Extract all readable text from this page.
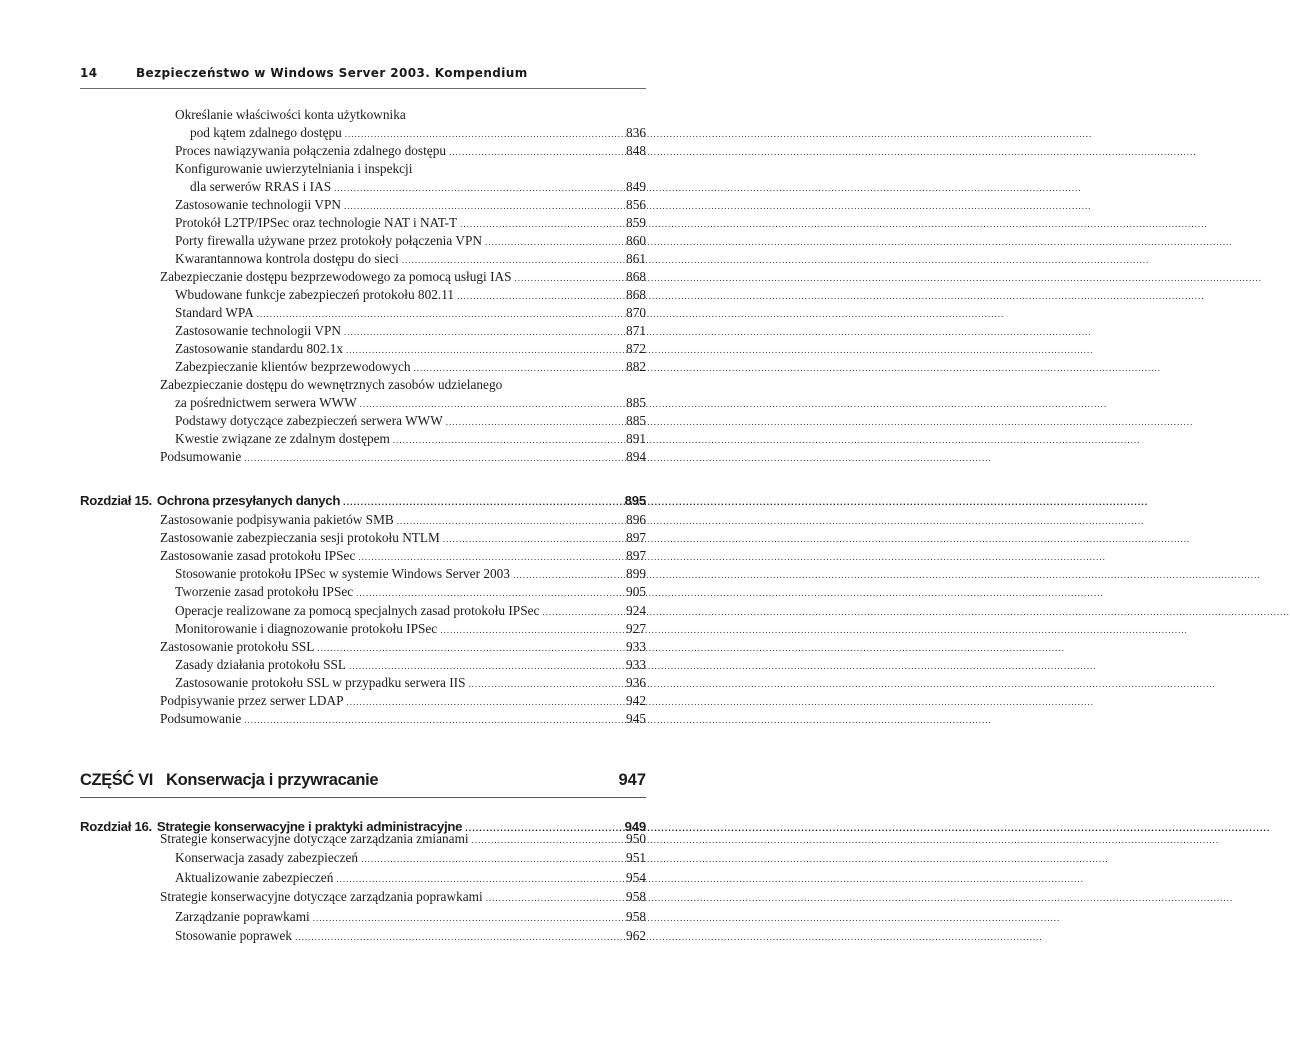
14	Bezpieczeństwo w Windows Server 2003. Kompendium
Rozdział 15. Ochrona przesyłanych danych .....	895
CZĘŚĆ VI Konserwacja i przywracanie	947
Rozdział 16. Strategie konserwacyjne i praktyki administracyjne .....	949
Określanie właściwości konta użytkownika
pod kątem zdalnego dostępu .....	836
Proces nawiązywania połączenia zdalnego dostępu .....	848
Konfigurowanie uwierzytelniania i inspekcji
dla serwerów RRAS i IAS .....	849
Zastosowanie technologii VPN .....	856
Protokół L2TP/IPSec oraz technologie NAT i NAT-T .....	859
Porty firewalla używane przez protokoły połączenia VPN .....	860
Kwarantannowa kontrola dostępu do sieci .....	861
Zabezpieczanie dostępu bezprzewodowego za pomocą usługi IAS .....	868
Wbudowane funkcje zabezpieczeń protokołu 802.11 .....	868
Standard WPA .....	870
Zastosowanie technologii VPN .....	871
Zastosowanie standardu 802.1x .....	872
Zabezpieczanie klientów bezprzewodowych .....	882
Zabezpieczanie dostępu do wewnętrznych zasobów udzielanego
za pośrednictwem serwera WWW .....	885
Podstawy dotyczące zabezpieczeń serwera WWW .....	885
Kwestie związane ze zdalnym dostępem .....	891
Podsumowanie .....	894
Zastosowanie podpisywania pakietów SMB .....	896
Zastosowanie zabezpieczania sesji protokołu NTLM .....	897
Zastosowanie zasad protokołu IPSec .....	897
Stosowanie protokołu IPSec w systemie Windows Server 2003 .....	899
Tworzenie zasad protokołu IPSec .....	905
Operacje realizowane za pomocą specjalnych zasad protokołu IPSec .....	924
Monitorowanie i diagnozowanie protokołu IPSec .....	927
Zastosowanie protokołu SSL .....	933
Zasady działania protokołu SSL .....	933
Zastosowanie protokołu SSL w przypadku serwera IIS .....	936
Podpisywanie przez serwer LDAP .....	942
Podsumowanie .....	945
Strategie konserwacyjne dotyczące zarządzania zmianami .....	950
Konserwacja zasady zabezpieczeń .....	951
Aktualizowanie zabezpieczeń .....	954
Strategie konserwacyjne dotyczące zarządzania poprawkami .....	958
Zarządzanie poprawkami .....	958
Stosowanie poprawek .....	962
